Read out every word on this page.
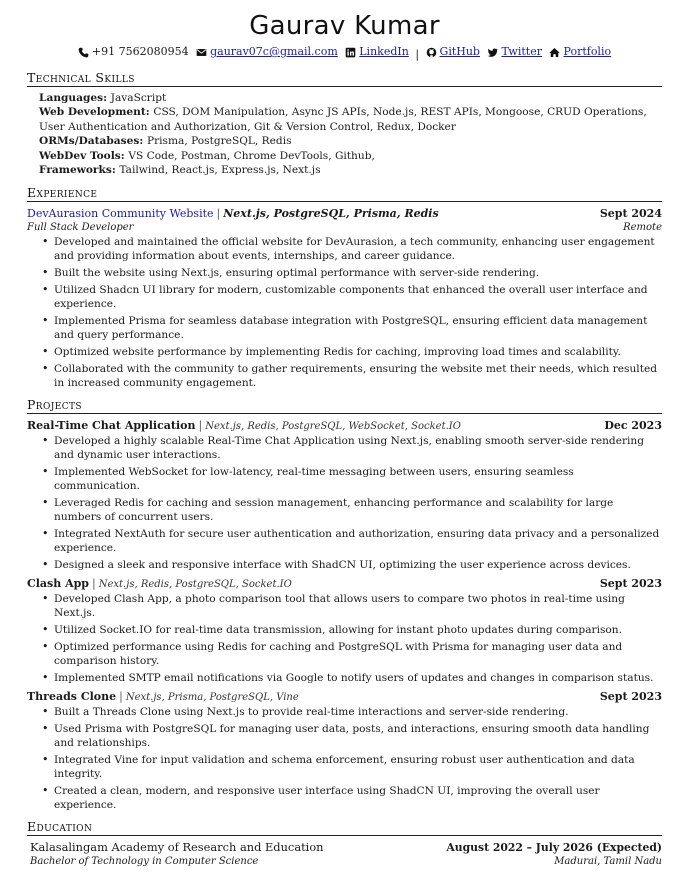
Gaurav Kumar
+91 7562080954
gaurav07c@gmail.com
LinkedIn | GitHub
Twitter
Portfolio
Technical Skills
Languages: JavaScript
Web Development: CSS, DOM Manipulation, Async JS APIs, Node.js, REST APIs, Mongoose, CRUD Operations, User Authentication and Authorization, Git & Version Control, Redux, Docker
ORMs/Databases: Prisma, PostgreSQL, Redis
WebDev Tools: VS Code, Postman, Chrome DevTools, Github,
Frameworks: Tailwind, React.js, Express.js, Next.js
Experience
DevAurasion Community Website | Next.js, PostgreSQL, Prisma, Redis	Sept 2024
Full Stack Developer	Remote
• Developed and maintained the official website for DevAurasion, a tech community, enhancing user engagement and providing information about events, internships, and career guidance.
• Built the website using Next.js, ensuring optimal performance with server-side rendering.
• Utilized Shadcn UI library for modern, customizable components that enhanced the overall user interface and experience.
• Implemented Prisma for seamless database integration with PostgreSQL, ensuring efficient data management and query performance.
• Optimized website performance by implementing Redis for caching, improving load times and scalability.
• Collaborated with the community to gather requirements, ensuring the website met their needs, which resulted in increased community engagement.
Projects
Real-Time Chat Application | Next.js, Redis, PostgreSQL, WebSocket, Socket.IO	Dec 2023
• Developed a highly scalable Real-Time Chat Application using Next.js, enabling smooth server-side rendering and dynamic user interactions.
• Implemented WebSocket for low-latency, real-time messaging between users, ensuring seamless communication.
• Leveraged Redis for caching and session management, enhancing performance and scalability for large numbers of concurrent users.
• Integrated NextAuth for secure user authentication and authorization, ensuring data privacy and a personalized experience.
• Designed a sleek and responsive interface with ShadCN UI, optimizing the user experience across devices.
Clash App | Next.js, Redis, PostgreSQL, Socket.IO	Sept 2023
• Developed Clash App, a photo comparison tool that allows users to compare two photos in real-time using Next.js.
• Utilized Socket.IO for real-time data transmission, allowing for instant photo updates during comparison.
• Optimized performance using Redis for caching and PostgreSQL with Prisma for managing user data and comparison history.
• Implemented SMTP email notifications via Google to notify users of updates and changes in comparison status.
Threads Clone | Next.js, Prisma, PostgreSQL, Vine	Sept 2023
• Built a Threads Clone using Next.js to provide real-time interactions and server-side rendering.
• Used Prisma with PostgreSQL for managing user data, posts, and interactions, ensuring smooth data handling and relationships.
• Integrated Vine for input validation and schema enforcement, ensuring robust user authentication and data integrity.
• Created a clean, modern, and responsive user interface using ShadCN UI, improving the overall user experience.
Education
Kalasalingam Academy of Research and Education	August 2022 – July 2026 (Expected)
Bachelor of Technology in Computer Science	Madurai, Tamil Nadu
